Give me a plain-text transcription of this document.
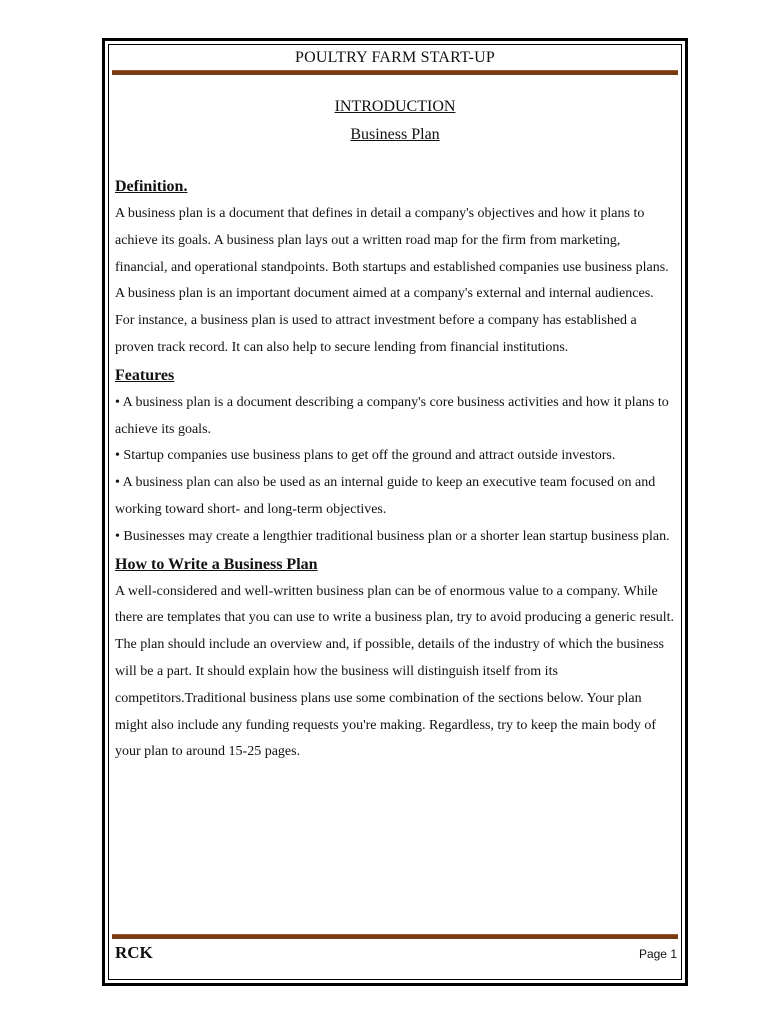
POULTRY FARM START-UP
INTRODUCTION
Business Plan
Definition.

A business plan is a document that defines in detail a company's objectives and how it plans to achieve its goals. A business plan lays out a written road map for the firm from marketing, financial, and operational standpoints. Both startups and established companies use business plans.

A business plan is an important document aimed at a company's external and internal audiences. For instance, a business plan is used to attract investment before a company has established a proven track record. It can also help to secure lending from financial institutions.

Features

• A business plan is a document describing a company's core business activities and how it plans to achieve its goals.

• Startup companies use business plans to get off the ground and attract outside investors.

• A business plan can also be used as an internal guide to keep an executive team focused on and working toward short- and long-term objectives.

• Businesses may create a lengthier traditional business plan or a shorter lean startup business plan.

How to Write a Business Plan

A well-considered and well-written business plan can be of enormous value to a company. While there are templates that you can use to write a business plan, try to avoid producing a generic result. The plan should include an overview and, if possible, details of the industry of which the business will be a part. It should explain how the business will distinguish itself from its competitors.Traditional business plans use some combination of the sections below. Your plan might also include any funding requests you're making. Regardless, try to keep the main body of your plan to around 15-25 pages.

RCK	Page 1
